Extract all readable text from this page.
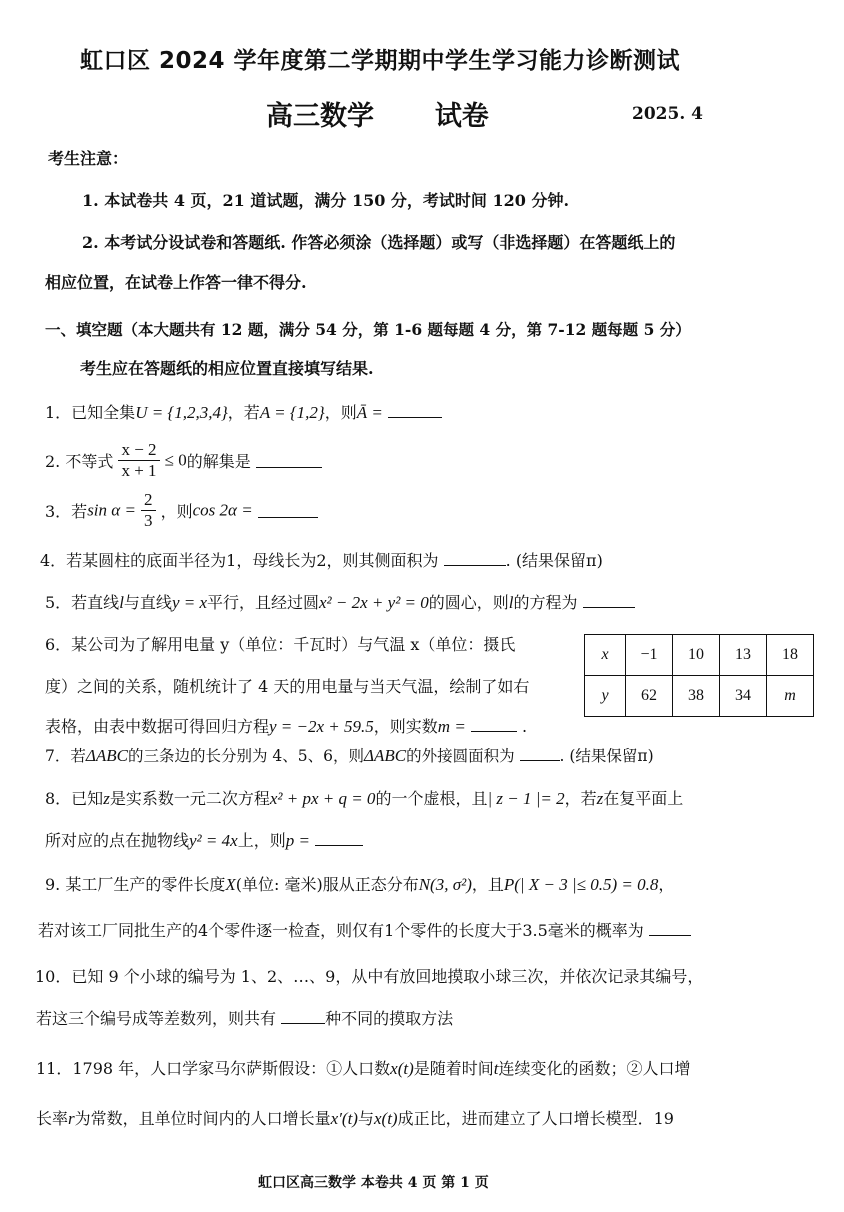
虹口区 2024 学年度第二学期期中学生学习能力诊断测试
高三数学 试卷	2025. 4
考生注意：
1. 本试卷共 4 页，21 道试题，满分 150 分，考试时间 120 分钟.
2. 本考试分设试卷和答题纸. 作答必须涂（选择题）或写（非选择题）在答题纸上的
相应位置，在试卷上作答一律不得分.
一、填空题（本大题共有 12 题，满分 54 分，第 1-6 题每题 4 分，第 7-12 题每题 5 分）
考生应在答题纸的相应位置直接填写结果.
1．已知全集U = {1,2,3,4}，若A = {1,2}，则Ā =
2. 不等式 $\frac{x - 2}{x + 1} \le 0$的解集是
3．若$\sin \alpha = \frac{2}{3}$ ，则cos 2α =
4．若某圆柱的底面半径为1，母线长为2，则其侧面积为	. (结果保留π)
5．若直线l与直线y = x平行，且经过圆x² − 2x + y² = 0的圆心，则l的方程为
6．某公司为了解用电量 y（单位：千瓦时）与气温 x（单位：摄氏
度）之间的关系，随机统计了 4 天的用电量与当天气温，绘制了如右
表格，由表中数据可得回归方程y = −2x + 59.5，则实数m =	.
x	−1	10	13	18
y	62	38	34	m
7．若ΔABC的三条边的长分别为 4、5、6，则ΔABC的外接圆面积为	. (结果保留π)
8．已知z是实系数一元二次方程x² + px + q = 0的一个虚根，且| z − 1 |= 2，若z在复平面上
所对应的点在抛物线y² = 4x上，则p =
9. 某工厂生产的零件长度X(单位: 毫米)服从正态分布N(3, σ²)，且P(| X − 3 |≤ 0.5) = 0.8，
若对该工厂同批生产的4个零件逐一检查，则仅有1个零件的长度大于3.5毫米的概率为
10．已知 9 个小球的编号为 1、2、…、9，从中有放回地摸取小球三次，并依次记录其编号，
若这三个编号成等差数列，则共有	种不同的摸取方法
11．1798 年，人口学家马尔萨斯假设：①人口数x(t)是随着时间t连续变化的函数；②人口增
长率r为常数，且单位时间内的人口增长量x′(t)与x(t)成正比，进而建立了人口增长模型．19
虹口区高三数学 本卷共 4 页 第 1 页
